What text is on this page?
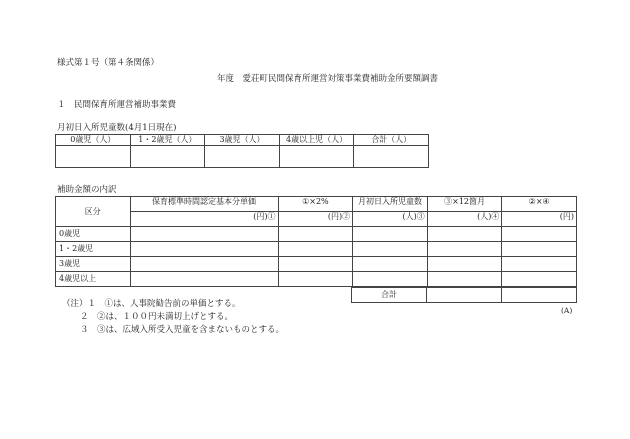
様式第１号（第４条関係）
年度　愛荘町民間保育所運営対策事業費補助金所要額調書
１　民間保育所運営補助事業費
月初日入所児童数(4月1日現在)
0歳児（人）	1・2歳児（人）	3歳児（人）	4歳以上児（人）	合計（人）

補助金額の内訳
区分	保育標準時間認定基本分単価	①×2%	月初日入所児童数	③×12箇月	②×④
	(円)①	(円)②	(人)③	(人)④	(円)
0歳児					
1・2歳児					
3歳児					
4歳児以上					
合計		
(A)
（注）１　①は、人事院勧告前の単価とする。
２　②は、１００円未満切上げとする。
３　③は、広域入所受入児童を含まないものとする。
